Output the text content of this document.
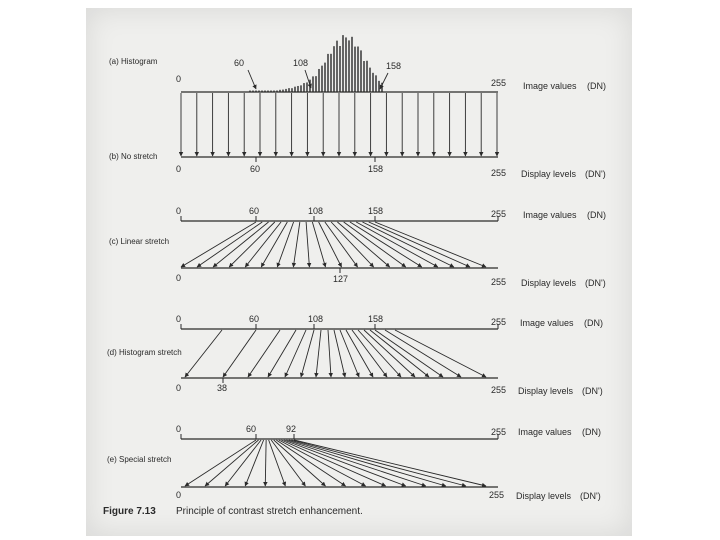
(a) Histogram
0
60	108	158
255 Image values (DN)
(b) No stretch
0	60	158	255 Display levels (DN')
0	60	108	158	255 Image values (DN)
(c) Linear stretch
0	127	255 Display levels (DN')
0	60	108	158	255 Image values (DN)
(d) Histogram stretch
0	38	255 Display levels (DN')
0	60	92	255 Image values (DN)
(e) Special stretch
0	255 Display levels (DN')
Figure 7.13 Principle of contrast stretch enhancement.
